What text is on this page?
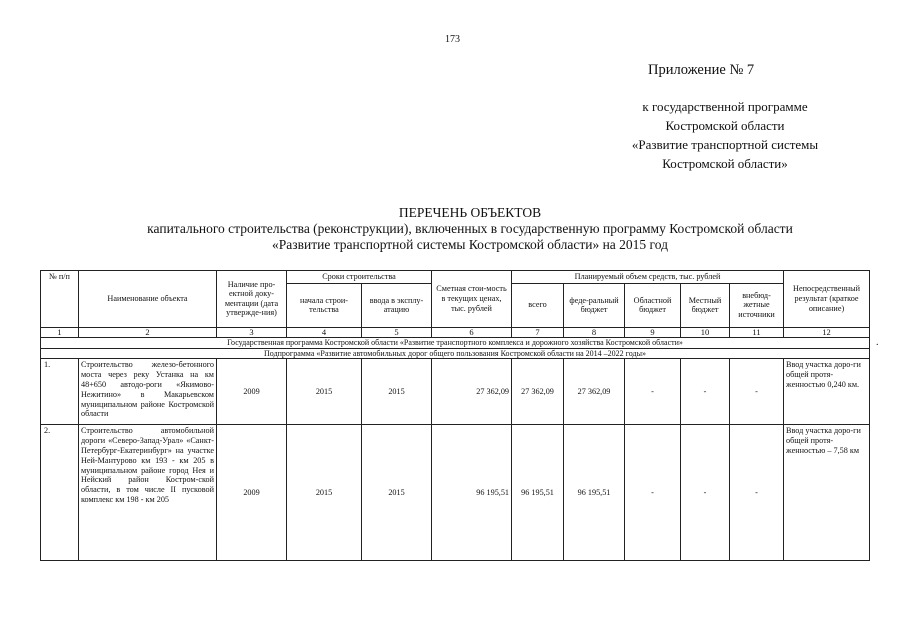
173
Приложение № 7
к государственной программе
Костромской области
«Развитие транспортной системы
Костромской области»
ПЕРЕЧЕНЬ ОБЪЕКТОВ
капитального строительства (реконструкции), включенных в государственную программу Костромской области
«Развитие транспортной системы Костромской области» на 2015 год
№ п/п	Наименование объекта	Наличие про-ектной доку-ментации (дата утвержде-ния)	Сроки строительства		Сметная стои-мость в текущих ценах, тыс. рублей	Планируемый объем средств, тыс. рублей					Непосредственный результат (краткое описание)
			начала строи-тельства	ввода в эксплу-атацию		всего	феде-ральный бюджет	Областной бюджет	Местный бюджет	внебюд-жетные источники	
1	2	3	4	5	6	7	8	9	10	11	12
Государственная программа Костромской области «Развитие транспортного комплекса и дорожного хозяйства Костромской области»											
Подпрограмма «Развитие автомобильных дорог общего пользования Костромской области на 2014 –2022 годы»											
1.	Строительство железо-бетонного моста через реку Устанка на км 48+650 автодо-роги «Якимово-Нежитино» в Макарьевском муниципальном районе Костромской области	2009	2015	2015	27 362,09	27 362,09	27 362,09	-	-	-	Ввод участка доро-ги общей протя-женностью 0,240 км.
2.	Строительство автомобильной дороги «Северо-Запад-Урал» «Санкт-Петербург-Екатеринбург» на участке Ней-Мантурово км 193 - км 205 в муниципальном районе город Нея и Нейский район Костром-ской области, в том числе II пусковой комплекс км 198 - км 205	2009	2015	2015	96 195,51	96 195,51	96 195,51	-	-	-	Ввод участка доро-ги общей протя-женностью – 7,58 км
.
